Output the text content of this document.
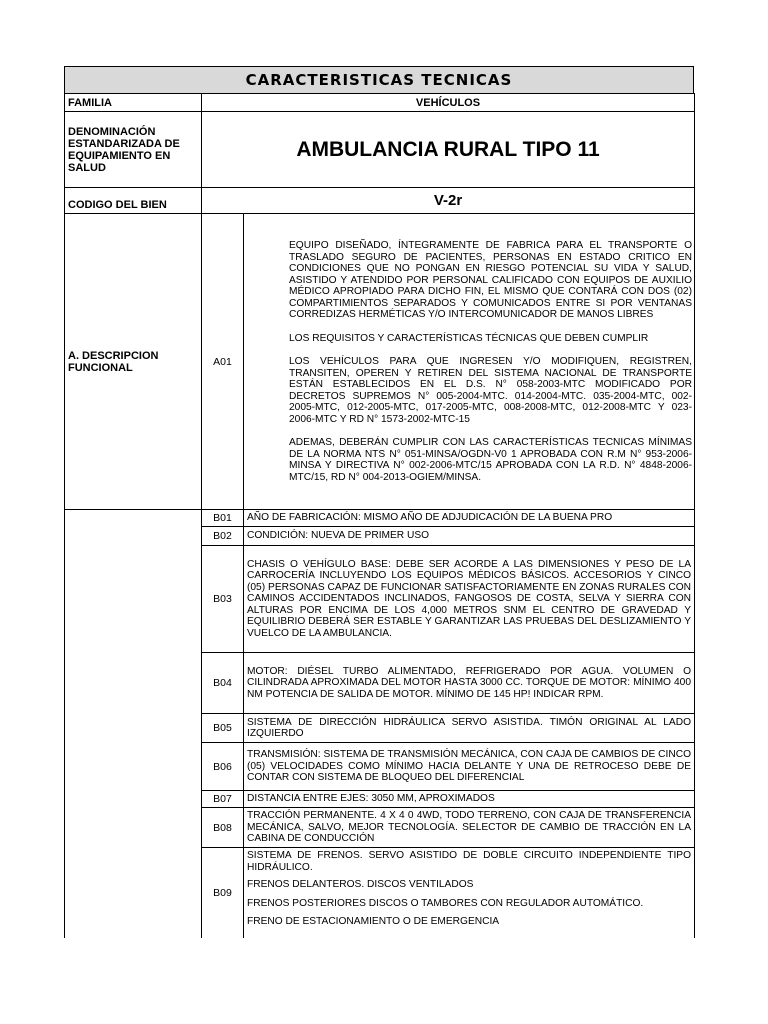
CARACTERISTICAS TECNICAS
FAMILIA	VEHÍCULOS	
DENOMINACIÓN ESTANDARIZADA DE EQUIPAMIENTO EN SALUD	AMBULANCIA RURAL TIPO 11	
CODIGO DEL BIEN	V-2r	
A. DESCRIPCION FUNCIONAL	A01	EQUIPO DISEÑADO, ÍNTEGRAMENTE DE FABRICA PARA EL TRANSPORTE O TRASLADO SEGURO DE PACIENTES, PERSONAS EN ESTADO CRITICO EN CONDICIONES QUE NO PONGAN EN RIESGO POTENCIAL SU VIDA Y SALUD, ASISTIDO Y ATENDIDO POR PERSONAL CALIFICADO CON EQUIPOS DE AUXILIO MÉDICO APROPIADO PARA DICHO FIN, EL MISMO QUE CONTARÁ CON DOS (02) COMPARTIMIENTOS SEPARADOS Y COMUNICADOS ENTRE SI POR VENTANAS CORREDIZAS HERMÉTICAS Y/O INTERCOMUNICADOR DE MANOS LIBRES

LOS REQUISITOS Y CARACTERÍSTICAS TÉCNICAS QUE DEBEN CUMPLIR

LOS VEHÍCULOS PARA QUE INGRESEN Y/O MODIFIQUEN, REGISTREN, TRANSITEN, OPEREN Y RETIREN DEL SISTEMA NACIONAL DE TRANSPORTE ESTÁN ESTABLECIDOS EN EL D.S. N° 058-2003-MTC MODIFICADO POR DECRETOS SUPREMOS N° 005-2004-MTC. 014-2004-MTC. 035-2004-MTC, 002-2005-MTC, 012-2005-MTC, 017-2005-MTC, 008-2008-MTC, 012-2008-MTC Y 023-2006-MTC Y RD N° 1573-2002-MTC-15

ADEMAS, DEBERÁN CUMPLIR CON LAS CARACTERÍSTICAS TECNICAS MÍNIMAS DE LA NORMA NTS N° 051-MINSA/OGDN-V0 1 APROBADA CON R.M N° 953-2006-MINSA Y DIRECTIVA N° 002-2006-MTC/15 APROBADA CON LA R.D. N° 4848-2006-MTC/15, RD N° 004-2013-OGIEM/MINSA.

	B01	AÑO DE FABRICACIÓN: MISMO AÑO DE ADJUDICACIÓN DE LA BUENA PRO
	B02	CONDICIÓN: NUEVA DE PRIMER USO
	B03	CHASIS O VEHÍGULO BASE: DEBE SER ACORDE A LAS DIMENSIONES Y PESO DE LA CARROCERÍA INCLUYENDO LOS EQUIPOS MÉDICOS BÁSICOS. ACCESORIOS Y CINCO (05) PERSONAS CAPAZ DE FUNCIONAR SATISFACTORIAMENTE EN ZONAS RURALES CON CAMINOS ACCIDENTADOS INCLINADOS, FANGOSOS DE COSTA, SELVA Y SIERRA CON ALTURAS POR ENCIMA DE LOS 4,000 METROS SNM EL CENTRO DE GRAVEDAD Y EQUILIBRIO DEBERÁ SER ESTABLE Y GARANTIZAR LAS PRUEBAS DEL DESLIZAMIENTO Y VUELCO DE LA AMBULANCIA.
	B04	MOTOR: DIÉSEL TURBO ALIMENTADO, REFRIGERADO POR AGUA. VOLUMEN O CILINDRADA APROXIMADA DEL MOTOR HASTA 3000 CC. TORQUE DE MOTOR: MÍNIMO 400 NM POTENCIA DE SALIDA DE MOTOR. MÍNIMO DE 145 HP! INDICAR RPM.
	B05	SISTEMA DE DIRECCIÓN HIDRÁULICA SERVO ASISTIDA. TIMÓN ORIGINAL AL LADO IZQUIERDO
	B06	TRANSMISIÓN: SISTEMA DE TRANSMISIÓN MECÁNICA, CON CAJA DE CAMBIOS DE CINCO (05) VELOCIDADES COMO MÍNIMO HACIA DELANTE Y UNA DE RETROCESO DEBE DE CONTAR CON SISTEMA DE BLOQUEO DEL DIFERENCIAL
	B07	DISTANCIA ENTRE EJES: 3050 MM, APROXIMADOS
	B08	TRACCIÓN PERMANENTE. 4 X 4 0 4WD, TODO TERRENO, CON CAJA DE TRANSFERENCIA MECÁNICA, SALVO, MEJOR TECNOLOGÍA. SELECTOR DE CAMBIO DE TRACCIÓN EN LA CABINA DE CONDUCCIÓN
	B09	SISTEMA DE FRENOS. SERVO ASISTIDO DE DOBLE CIRCUITO INDEPENDIENTE TIPO HIDRÁULICO.

FRENOS DELANTEROS. DISCOS VENTILADOS

FRENOS POSTERIORES DISCOS O TAMBORES CON REGULADOR AUTOMÁTICO.

FRENO DE ESTACIONAMIENTO O DE EMERGENCIA
